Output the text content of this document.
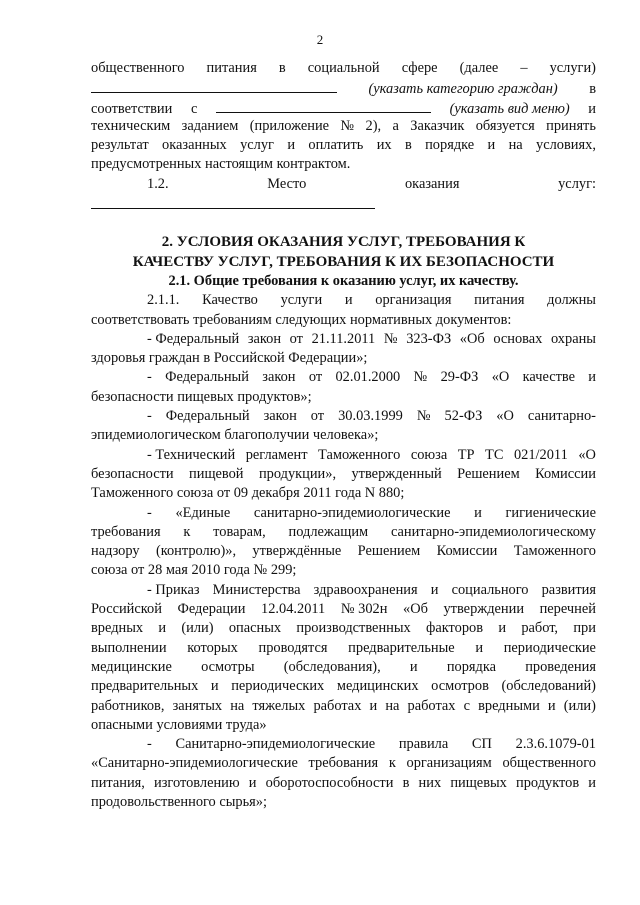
2
общественного питания в социальной сфере (далее – услуги)
(указать категорию граждан) в
соответствии с	(указать вид меню) и
техническим заданием (приложение № 2), а Заказчик обязуется принять
результат оказанных услуг и оплатить их в порядке и на условиях,
предусмотренных настоящим контрактом.
1.2.	Место	оказания	услуг:
2. УСЛОВИЯ ОКАЗАНИЯ УСЛУГ, ТРЕБОВАНИЯ К
КАЧЕСТВУ УСЛУГ, ТРЕБОВАНИЯ К ИХ БЕЗОПАСНОСТИ
2.1. Общие требования к оказанию услуг, их качеству.
2.1.1. Качество услуги и организация питания должны
соответствовать требованиям следующих нормативных документов:
- Федеральный закон от 21.11.2011 № 323-ФЗ «Об основах охраны
здоровья граждан в Российской Федерации»;
- Федеральный закон от 02.01.2000 № 29-ФЗ «О качестве и
безопасности пищевых продуктов»;
- Федеральный закон от 30.03.1999 № 52-ФЗ «О санитарно-
эпидемиологическом благополучии человека»;
- Технический регламент Таможенного союза ТР ТС 021/2011 «О
безопасности пищевой продукции», утвержденный Решением Комиссии
Таможенного союза от 09 декабря 2011 года N 880;
- «Единые санитарно-эпидемиологические и гигиенические
требования к товарам, подлежащим санитарно-эпидемиологическому
надзору (контролю)», утверждённые Решением Комиссии Таможенного
союза от 28 мая 2010 года № 299;
- Приказ Министерства здравоохранения и социального развития
Российской Федерации 12.04.2011 № 302н «Об утверждении перечней
вредных и (или) опасных производственных факторов и работ, при
выполнении которых проводятся предварительные и периодические
медицинские осмотры (обследования), и порядка проведения
предварительных и периодических медицинских осмотров (обследований)
работников, занятых на тяжелых работах и на работах с вредными и (или)
опасными условиями труда»
- Санитарно-эпидемиологические правила СП 2.3.6.1079-01
«Санитарно-эпидемиологические требования к организациям общественного
питания, изготовлению и оборотоспособности в них пищевых продуктов и
продовольственного сырья»;
